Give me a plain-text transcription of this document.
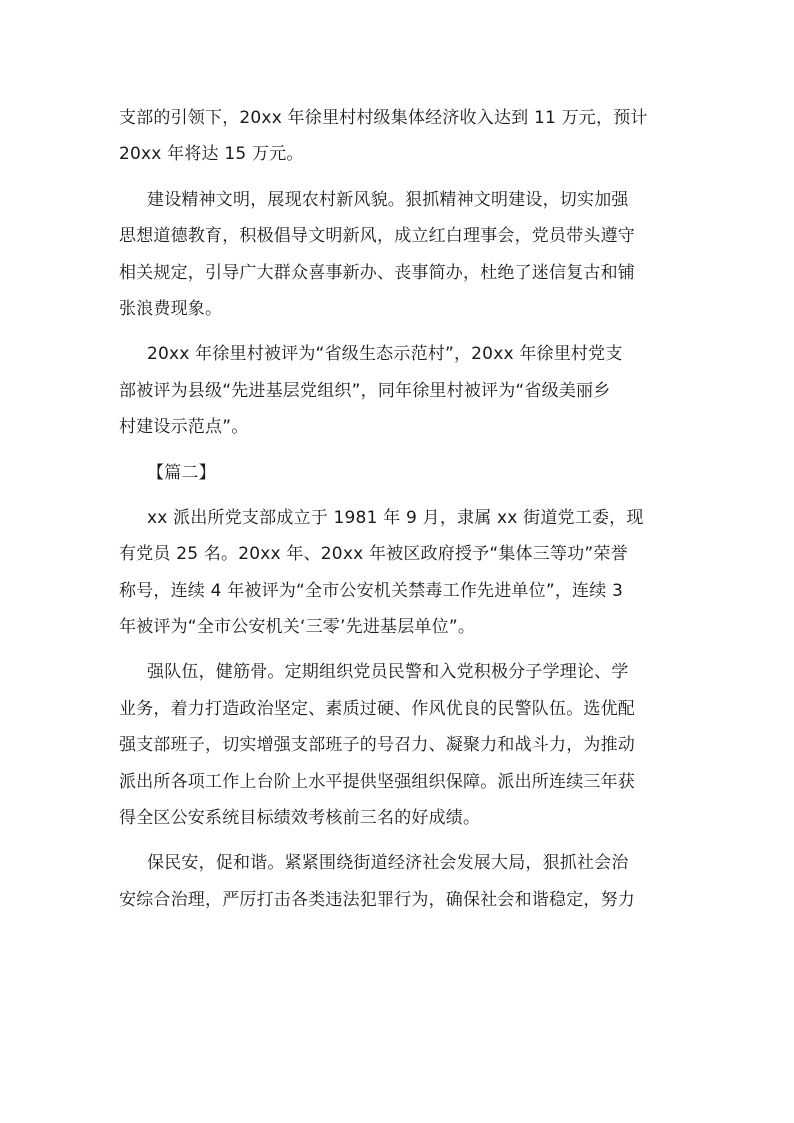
支部的引领下，20xx 年徐里村村级集体经济收入达到 11 万元，预计
20xx 年将达 15 万元。
建设精神文明，展现农村新风貌。狠抓精神文明建设，切实加强
思想道德教育，积极倡导文明新风，成立红白理事会，党员带头遵守
相关规定，引导广大群众喜事新办、丧事简办，杜绝了迷信复古和铺
张浪费现象。
20xx 年徐里村被评为“省级生态示范村”，20xx 年徐里村党支
部被评为县级“先进基层党组织”，同年徐里村被评为“省级美丽乡
村建设示范点”。
【篇二】
xx 派出所党支部成立于 1981 年 9 月，隶属 xx 街道党工委，现
有党员 25 名。20xx 年、20xx 年被区政府授予“集体三等功”荣誉
称号，连续 4 年被评为“全市公安机关禁毒工作先进单位”，连续 3
年被评为“全市公安机关‘三零’先进基层单位”。
强队伍，健筋骨。定期组织党员民警和入党积极分子学理论、学
业务，着力打造政治坚定、素质过硬、作风优良的民警队伍。选优配
强支部班子，切实增强支部班子的号召力、凝聚力和战斗力，为推动
派出所各项工作上台阶上水平提供坚强组织保障。派出所连续三年获
得全区公安系统目标绩效考核前三名的好成绩。
保民安，促和谐。紧紧围绕街道经济社会发展大局，狠抓社会治
安综合治理，严厉打击各类违法犯罪行为，确保社会和谐稳定，努力
